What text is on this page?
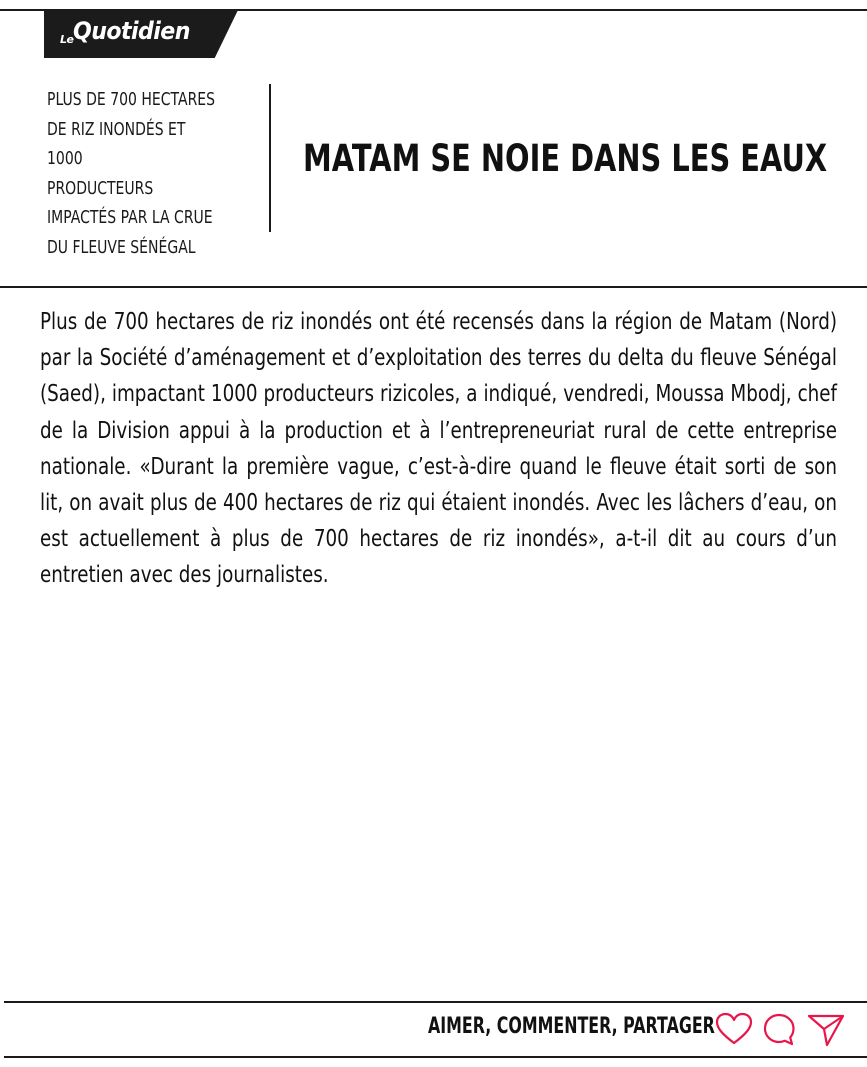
Le Quotidien
PLUS DE 700 HECTARES
DE RIZ INONDÉS ET 1000
PRODUCTEURS
IMPACTÉS PAR LA CRUE
DU FLEUVE SÉNÉGAL
MATAM SE NOIE DANS LES EAUX

Plus de 700 hectares de riz inondés ont été recensés dans la région de Matam (Nord) par la Société d’aménagement et d’exploitation des terres du delta du fleuve Sénégal (Saed), impactant 1000 producteurs rizicoles, a indiqué, vendredi, Moussa Mbodj, chef de la Division appui à la production et à l’entrepreneuriat rural de cette entreprise nationale. «Durant la première vague, c’est-à-dire quand le fleuve était sorti de son lit, on avait plus de 400 hectares de riz qui étaient inondés. Avec les lâchers d’eau, on est actuellement à plus de 700 hectares de riz inondés», a-t-il dit au cours d’un entretien avec des journalistes.

AIMER, COMMENTER, PARTAGER
